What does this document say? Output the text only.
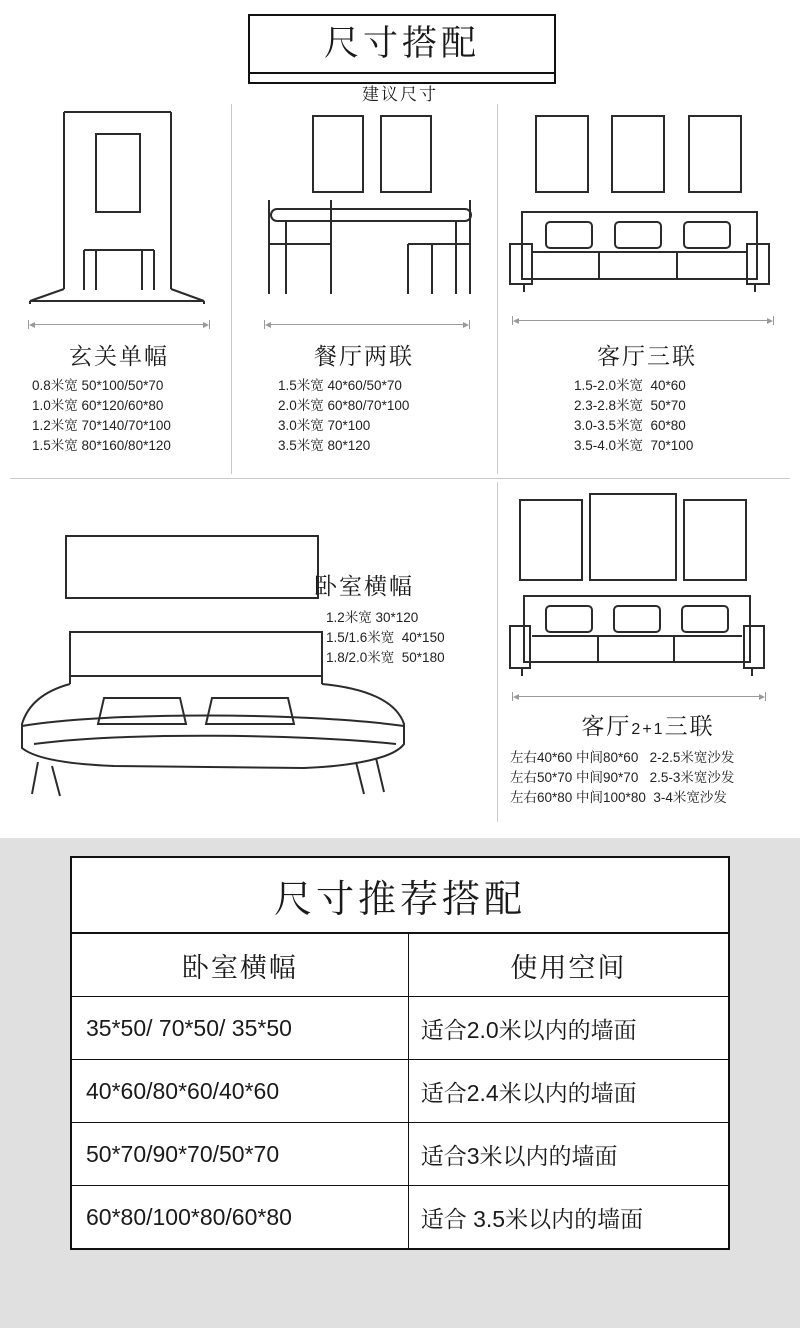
尺寸搭配
建议尺寸
玄关单幅
0.8米宽 50*100/50*70
1.0米宽 60*120/60*80
1.2米宽 70*140/70*100
1.5米宽 80*160/80*120
餐厅两联
1.5米宽 40*60/50*70
2.0米宽 60*80/70*100
3.0米宽 70*100
3.5米宽 80*120
客厅三联
1.5-2.0米宽  40*60
2.3-2.8米宽  50*70
3.0-3.5米宽  60*80
3.5-4.0米宽  70*100
卧室横幅
1.2米宽 30*120
1.5/1.6米宽  40*150
1.8/2.0米宽  50*180
客厅2+1三联
左右40*60 中间80*60   2-2.5米宽沙发
左右50*70 中间90*70   2.5-3米宽沙发
左右60*80 中间100*80  3-4米宽沙发
尺寸推荐搭配	
卧室横幅	使用空间
35*50/ 70*50/ 35*50	适合2.0米以内的墙面
40*60/80*60/40*60	适合2.4米以内的墙面
50*70/90*70/50*70	适合3米以内的墙面
60*80/100*80/60*80	适合 3.5米以内的墙面
